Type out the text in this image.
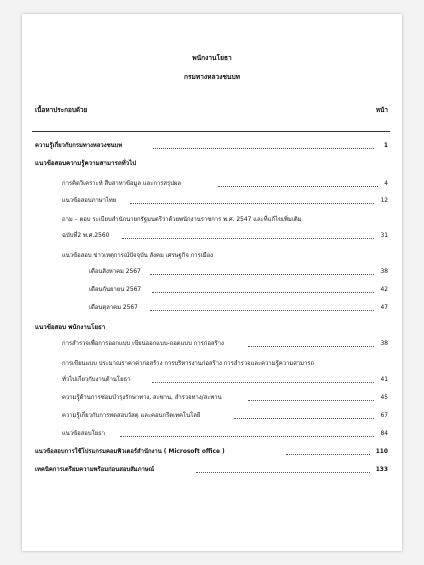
พนักงานโยธา
กรมทางหลวงชนบท
เนื้อหาประกอบด้วย	หน้า
ความรู้เกี่ยวกับกรมทางหลวงชนบท	1
แนวข้อสอบความรู้ความสามารถทั่วไป
การคิดวิเคราะห์ สืบสาหาข้อมูล และการสรุปผล	4
แนวข้อสอบภาษาไทย	12
ถาม – ตอบ ระเบียบสำนักนายกรัฐมนตรีว่าด้วยพนักงานราชการ พ.ศ. 2547 และที่แก้ไขเพิ่มเติม
ฉบับที่2 พ.ศ.2560	31
แนวข้อสอบ ข่าวเหตุการณ์ปัจจุบัน สังคม เศรษฐกิจ การเมือง
เดือนสิงหาคม 2567	38
เดือนกันยายน 2567	42
เดือนตุลาคม 2567	47
แนวข้อสอบ พนักงานโยธา
การสำรวจเพื่อการออกแบบ เขียนออกแบบ-ถอดแบบ การก่อสร้าง	38
การเขียนแบบ ประมาณราคาค่าก่อสร้าง การบริหารงานก่อสร้าง การสำรวจและความรู้ความสามารถ
ทั่วไปเกี่ยวกับงานด้านโยธา	41
ความรู้ด้านการซ่อมบำรุงรักษาทาง, สะพาน, สำรวจทาง/สะพาน	45
ความรู้เกี่ยวกับการทดสอบวัสดุ และคอนกรีตเทคโนโลยี	67
แนวข้อสอบโยธา	84
แนวข้อสอบการใช้โปรแกรมคอมพิวเตอร์สำนักงาน ( Microsoft office )	110
เทคนิคการเตรียมความพร้อมก่อนสอบสัมภาษณ์	133
